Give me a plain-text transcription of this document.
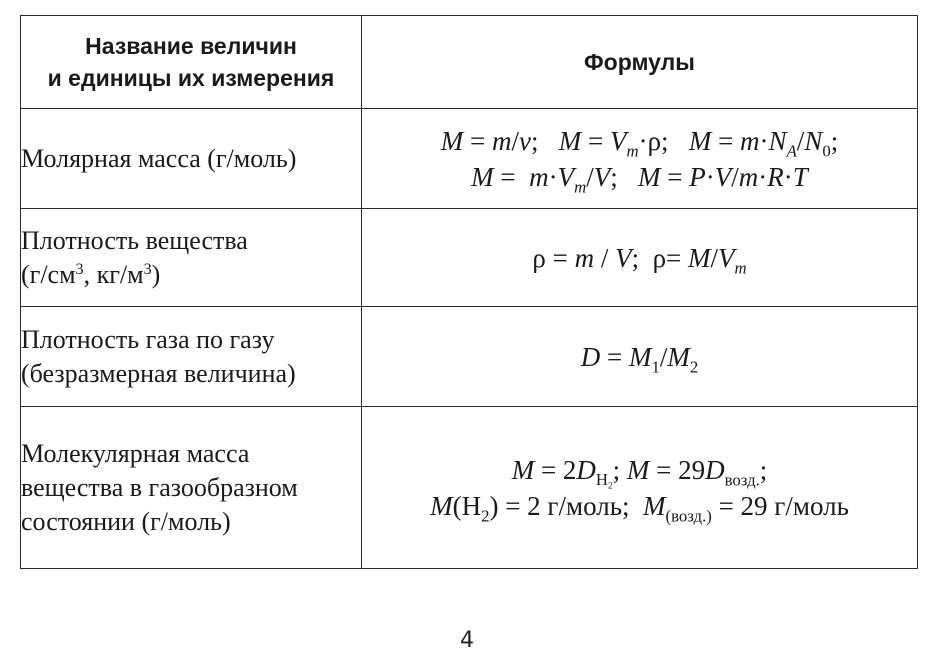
Название величин
и единицы их измерения	Формулы
Молярная масса (г/моль)	M = m/ν;   $M = V_m\cdot\rho$;   $M = m\cdot N_A/N_0$;
$M = m\cdot V_m/V$;   M = P·V/m·R·T

Плотность вещества
($г/см^3$, $кг/м^3$)	ρ = m / V;  $\rho= M/V_m$

Плотность газа по газу
(безразмерная величина)	$D = M_1/M_2$

Молекулярная масса
вещества в газообразном
состоянии (г/моль)	$M = 2D_{H_2}$; $M = 29D_{возд.}$;
$M(H_2) = 2$ г/моль;  $M_{(возд.)} = 29$ г/моль
4
